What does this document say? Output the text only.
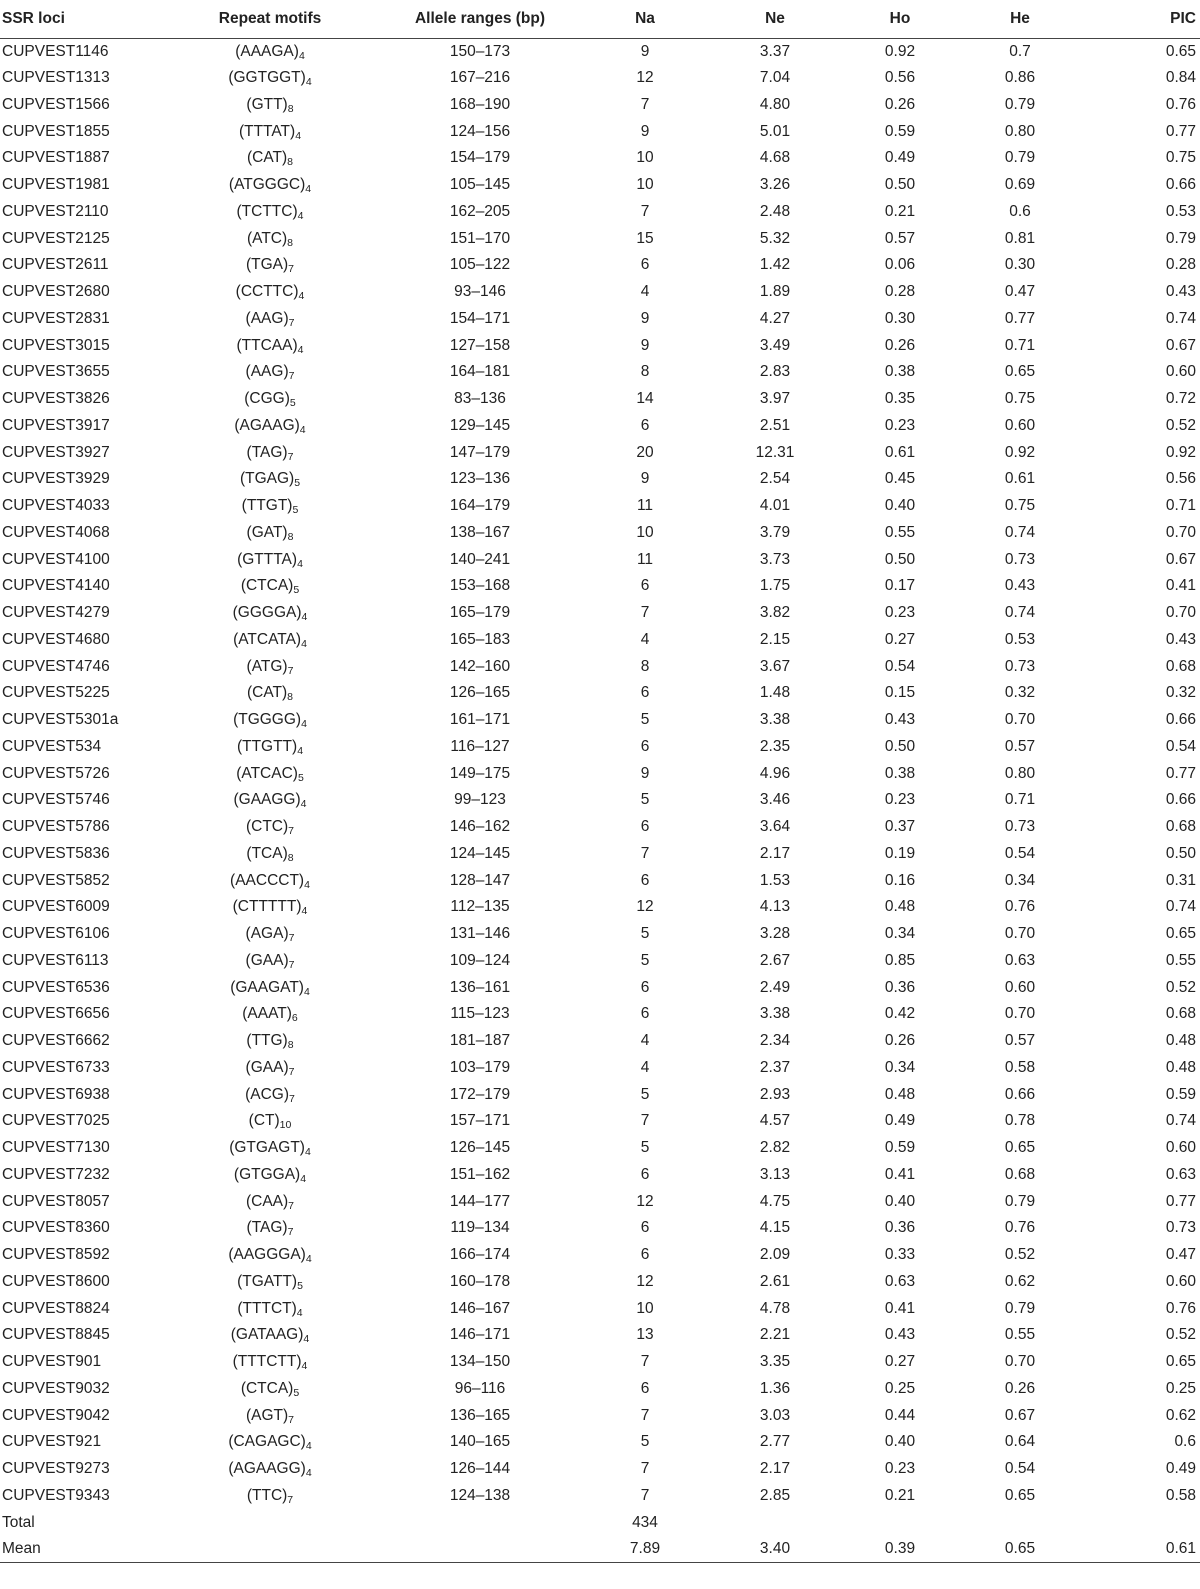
SSR loci	Repeat motifs	Allele ranges (bp)	Na	Ne	Ho	He	PIC
CUPVEST1146	$(AAAGA)_4$	150–173	9	3.37	0.92	0.7	0.65
CUPVEST1313	$(GGTGGT)_4$	167–216	12	7.04	0.56	0.86	0.84
CUPVEST1566	$(GTT)_8$	168–190	7	4.80	0.26	0.79	0.76
CUPVEST1855	$(TTTAT)_4$	124–156	9	5.01	0.59	0.80	0.77
CUPVEST1887	$(CAT)_8$	154–179	10	4.68	0.49	0.79	0.75
CUPVEST1981	$(ATGGGC)_4$	105–145	10	3.26	0.50	0.69	0.66
CUPVEST2110	$(TCTTC)_4$	162–205	7	2.48	0.21	0.6	0.53
CUPVEST2125	$(ATC)_8$	151–170	15	5.32	0.57	0.81	0.79
CUPVEST2611	$(TGA)_7$	105–122	6	1.42	0.06	0.30	0.28
CUPVEST2680	$(CCTTC)_4$	93–146	4	1.89	0.28	0.47	0.43
CUPVEST2831	$(AAG)_7$	154–171	9	4.27	0.30	0.77	0.74
CUPVEST3015	$(TTCAA)_4$	127–158	9	3.49	0.26	0.71	0.67
CUPVEST3655	$(AAG)_7$	164–181	8	2.83	0.38	0.65	0.60
CUPVEST3826	$(CGG)_5$	83–136	14	3.97	0.35	0.75	0.72
CUPVEST3917	$(AGAAG)_4$	129–145	6	2.51	0.23	0.60	0.52
CUPVEST3927	$(TAG)_7$	147–179	20	12.31	0.61	0.92	0.92
CUPVEST3929	$(TGAG)_5$	123–136	9	2.54	0.45	0.61	0.56
CUPVEST4033	$(TTGT)_5$	164–179	11	4.01	0.40	0.75	0.71
CUPVEST4068	$(GAT)_8$	138–167	10	3.79	0.55	0.74	0.70
CUPVEST4100	$(GTTTA)_4$	140–241	11	3.73	0.50	0.73	0.67
CUPVEST4140	$(CTCA)_5$	153–168	6	1.75	0.17	0.43	0.41
CUPVEST4279	$(GGGGA)_4$	165–179	7	3.82	0.23	0.74	0.70
CUPVEST4680	$(ATCATA)_4$	165–183	4	2.15	0.27	0.53	0.43
CUPVEST4746	$(ATG)_7$	142–160	8	3.67	0.54	0.73	0.68
CUPVEST5225	$(CAT)_8$	126–165	6	1.48	0.15	0.32	0.32
CUPVEST5301a	$(TGGGG)_4$	161–171	5	3.38	0.43	0.70	0.66
CUPVEST534	$(TTGTT)_4$	116–127	6	2.35	0.50	0.57	0.54
CUPVEST5726	$(ATCAC)_5$	149–175	9	4.96	0.38	0.80	0.77
CUPVEST5746	$(GAAGG)_4$	99–123	5	3.46	0.23	0.71	0.66
CUPVEST5786	$(CTC)_7$	146–162	6	3.64	0.37	0.73	0.68
CUPVEST5836	$(TCA)_8$	124–145	7	2.17	0.19	0.54	0.50
CUPVEST5852	$(AACCCT)_4$	128–147	6	1.53	0.16	0.34	0.31
CUPVEST6009	$(CTTTTT)_4$	112–135	12	4.13	0.48	0.76	0.74
CUPVEST6106	$(AGA)_7$	131–146	5	3.28	0.34	0.70	0.65
CUPVEST6113	$(GAA)_7$	109–124	5	2.67	0.85	0.63	0.55
CUPVEST6536	$(GAAGAT)_4$	136–161	6	2.49	0.36	0.60	0.52
CUPVEST6656	$(AAAT)_6$	115–123	6	3.38	0.42	0.70	0.68
CUPVEST6662	$(TTG)_8$	181–187	4	2.34	0.26	0.57	0.48
CUPVEST6733	$(GAA)_7$	103–179	4	2.37	0.34	0.58	0.48
CUPVEST6938	$(ACG)_7$	172–179	5	2.93	0.48	0.66	0.59
CUPVEST7025	$(CT)_{10}$	157–171	7	4.57	0.49	0.78	0.74
CUPVEST7130	$(GTGAGT)_4$	126–145	5	2.82	0.59	0.65	0.60
CUPVEST7232	$(GTGGA)_4$	151–162	6	3.13	0.41	0.68	0.63
CUPVEST8057	$(CAA)_7$	144–177	12	4.75	0.40	0.79	0.77
CUPVEST8360	$(TAG)_7$	119–134	6	4.15	0.36	0.76	0.73
CUPVEST8592	$(AAGGGA)_4$	166–174	6	2.09	0.33	0.52	0.47
CUPVEST8600	$(TGATT)_5$	160–178	12	2.61	0.63	0.62	0.60
CUPVEST8824	$(TTTCT)_4$	146–167	10	4.78	0.41	0.79	0.76
CUPVEST8845	$(GATAAG)_4$	146–171	13	2.21	0.43	0.55	0.52
CUPVEST901	$(TTTCTT)_4$	134–150	7	3.35	0.27	0.70	0.65
CUPVEST9032	$(CTCA)_5$	96–116	6	1.36	0.25	0.26	0.25
CUPVEST9042	$(AGT)_7$	136–165	7	3.03	0.44	0.67	0.62
CUPVEST921	$(CAGAGC)_4$	140–165	5	2.77	0.40	0.64	0.6
CUPVEST9273	$(AGAAGG)_4$	126–144	7	2.17	0.23	0.54	0.49
CUPVEST9343	$(TTC)_7$	124–138	7	2.85	0.21	0.65	0.58
Total			434				
Mean			7.89	3.40	0.39	0.65	0.61
